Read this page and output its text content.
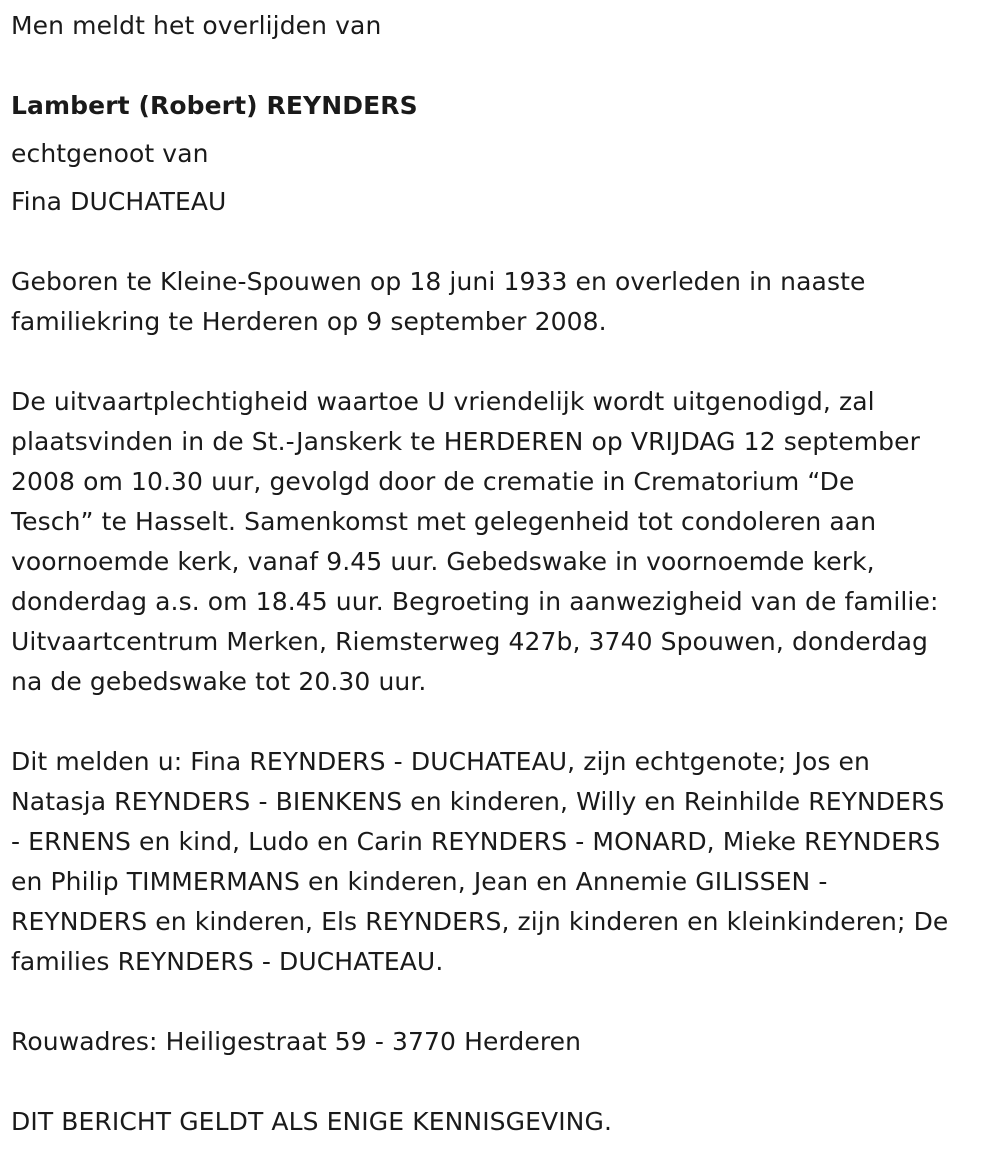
Men meldt het overlijden van
Lambert (Robert) REYNDERS
echtgenoot van
Fina DUCHATEAU
Geboren te Kleine-Spouwen op 18 juni 1933 en overleden in naaste
familiekring te Herderen op 9 september 2008.
De uitvaartplechtigheid waartoe U vriendelijk wordt uitgenodigd, zal
plaatsvinden in de St.-Janskerk te HERDEREN op VRIJDAG 12 september
2008 om 10.30 uur, gevolgd door de crematie in Crematorium “De
Tesch” te Hasselt. Samenkomst met gelegenheid tot condoleren aan
voornoemde kerk, vanaf 9.45 uur. Gebedswake in voornoemde kerk,
donderdag a.s. om 18.45 uur. Begroeting in aanwezigheid van de familie:
Uitvaartcentrum Merken, Riemsterweg 427b, 3740 Spouwen, donderdag
na de gebedswake tot 20.30 uur.
Dit melden u: Fina REYNDERS - DUCHATEAU, zijn echtgenote; Jos en
Natasja REYNDERS - BIENKENS en kinderen, Willy en Reinhilde REYNDERS
- ERNENS en kind, Ludo en Carin REYNDERS - MONARD, Mieke REYNDERS
en Philip TIMMERMANS en kinderen, Jean en Annemie GILISSEN -
REYNDERS en kinderen, Els REYNDERS, zijn kinderen en kleinkinderen; De
families REYNDERS - DUCHATEAU.
Rouwadres: Heiligestraat 59 - 3770 Herderen
DIT BERICHT GELDT ALS ENIGE KENNISGEVING.
